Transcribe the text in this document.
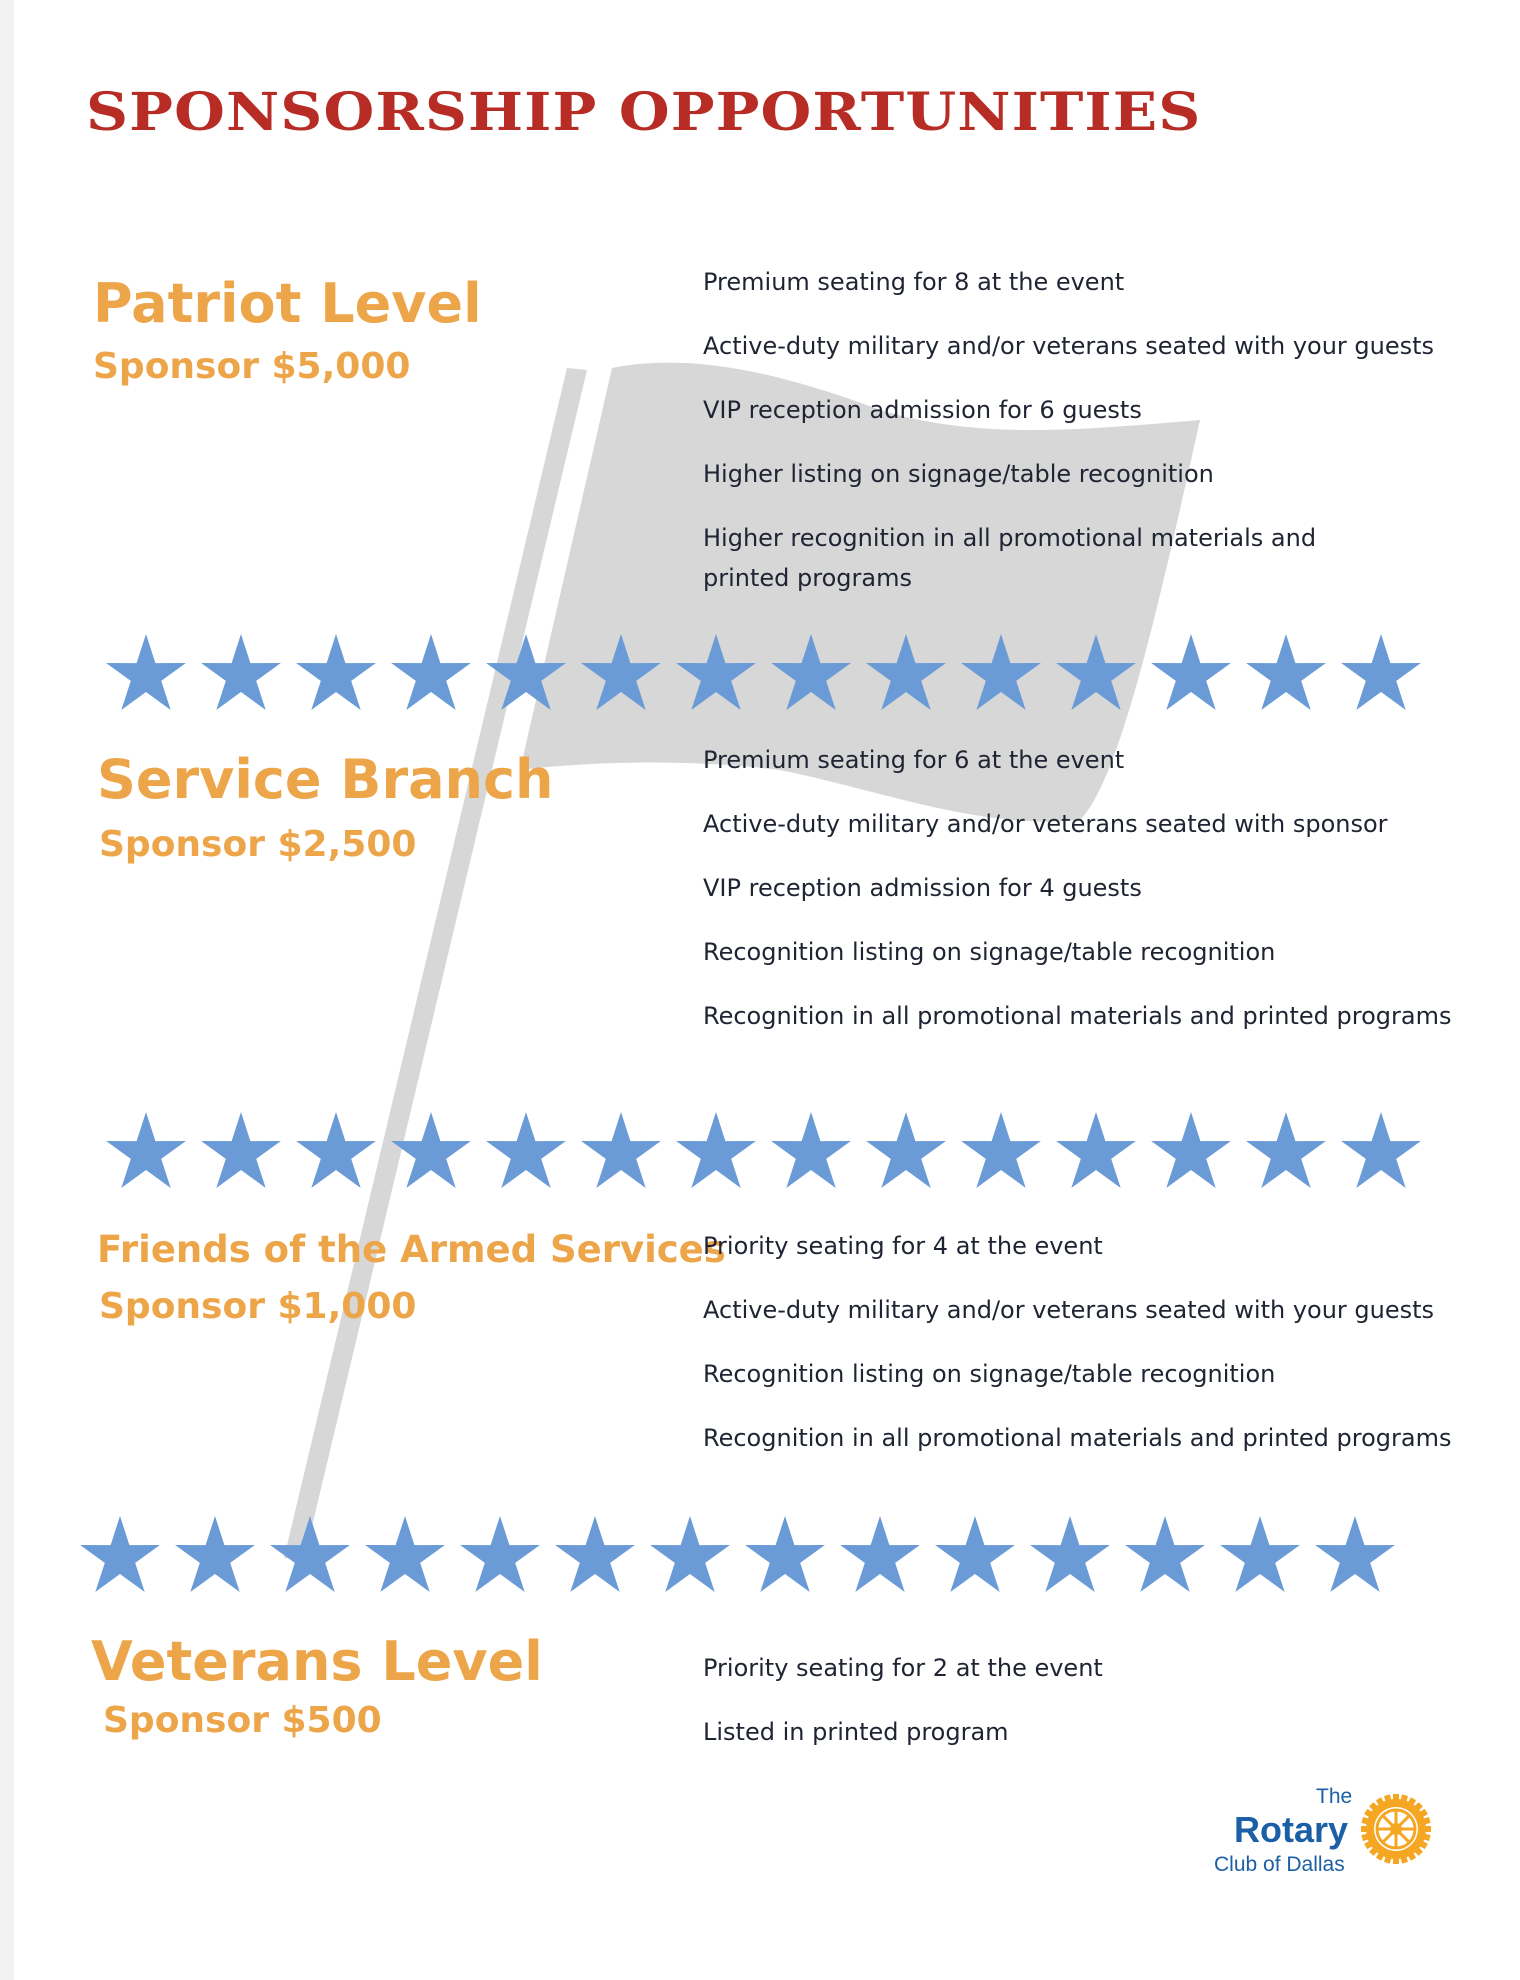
SPONSORSHIP OPPORTUNITIES
Patriot Level
Sponsor $5,000
Premium seating for 8 at the event
Active-duty military and/or veterans seated with your guests
VIP reception admission for 6 guests
Higher listing on signage/table recognition
Higher recognition in all promotional materials and printed programs
Service Branch
Sponsor $2,500
Premium seating for 6 at the event
Active-duty military and/or veterans seated with sponsor
VIP reception admission for 4 guests
Recognition listing on signage/table recognition
Recognition in all promotional materials and printed programs
Friends of the Armed Services
Sponsor $1,000
Priority seating for 4 at the event
Active-duty military and/or veterans seated with your guests
Recognition listing on signage/table recognition
Recognition in all promotional materials and printed programs
Veterans Level
Sponsor $500
Priority seating for 2 at the event
Listed in printed program
The
Rotary
Club of Dallas
